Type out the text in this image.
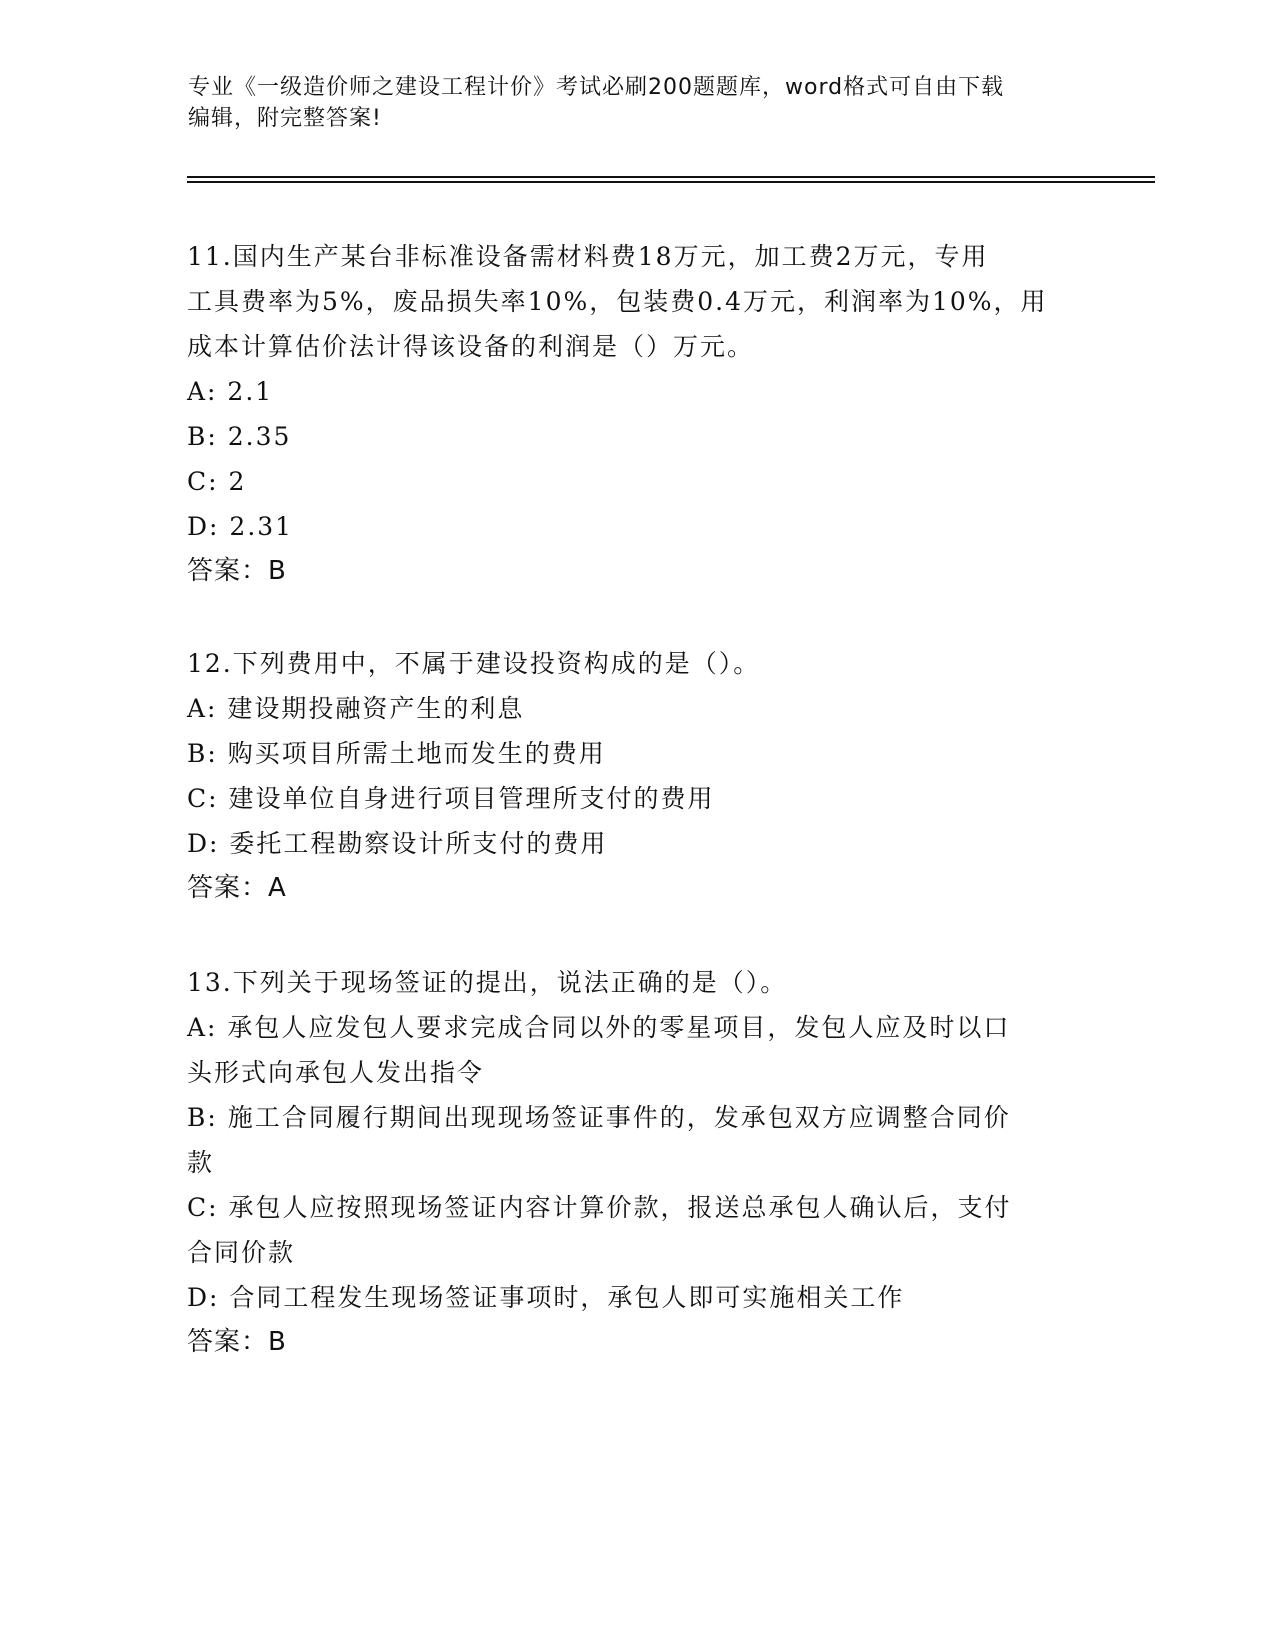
专业《一级造价师之建设工程计价》考试必刷200题题库，word格式可自由下载
编辑，附完整答案!

11.国内生产某台非标准设备需材料费18万元，加工费2万元，专用

工具费率为5%，废品损失率10%，包装费0.4万元，利润率为10%，用

成本计算估价法计得该设备的利润是（）万元。

A: 2.1

B: 2.35

C: 2

D: 2.31

答案：B

12.下列费用中，不属于建设投资构成的是（）。

A: 建设期投融资产生的利息

B: 购买项目所需土地而发生的费用

C: 建设单位自身进行项目管理所支付的费用

D: 委托工程勘察设计所支付的费用

答案：A

13.下列关于现场签证的提出，说法正确的是（）。

A: 承包人应发包人要求完成合同以外的零星项目，发包人应及时以口

头形式向承包人发出指令

B: 施工合同履行期间出现现场签证事件的，发承包双方应调整合同价

款

C: 承包人应按照现场签证内容计算价款，报送总承包人确认后，支付

合同价款

D: 合同工程发生现场签证事项时，承包人即可实施相关工作

答案：B
